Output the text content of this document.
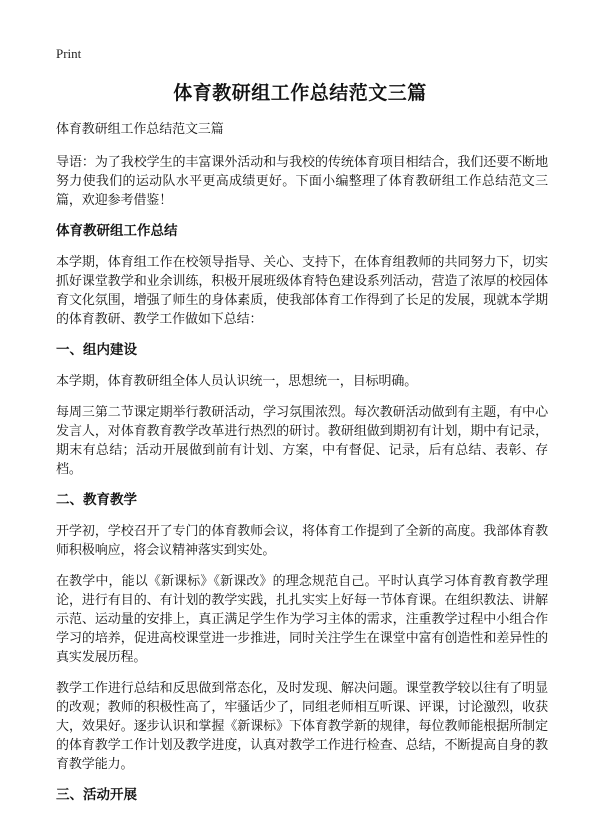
Print
体育教研组工作总结范文三篇

体育教研组工作总结范文三篇

导语：为了我校学生的丰富课外活动和与我校的传统体育项目相结合，我们还要不断地努力使我们的运动队水平更高成绩更好。下面小编整理了体育教研组工作总结范文三篇，欢迎参考借鉴！

体育教研组工作总结

本学期，体育组工作在校领导指导、关心、支持下，在体育组教师的共同努力下，切实抓好课堂教学和业余训练，积极开展班级体育特色建设系列活动，营造了浓厚的校园体育文化氛围，增强了师生的身体素质，使我部体育工作得到了长足的发展，现就本学期的体育教研、教学工作做如下总结：

一、组内建设

本学期，体育教研组全体人员认识统一，思想统一，目标明确。

每周三第二节课定期举行教研活动，学习氛围浓烈。每次教研活动做到有主题，有中心发言人，对体育教育教学改革进行热烈的研讨。教研组做到期初有计划，期中有记录，期末有总结；活动开展做到前有计划、方案，中有督促、记录，后有总结、表彰、存档。

二、教育教学

开学初，学校召开了专门的体育教师会议，将体育工作提到了全新的高度。我部体育教师积极响应，将会议精神落实到实处。

在教学中，能以《新课标》《新课改》的理念规范自己。平时认真学习体育教育教学理论，进行有目的、有计划的教学实践，扎扎实实上好每一节体育课。在组织教法、讲解示范、运动量的安排上，真正满足学生作为学习主体的需求，注重教学过程中小组合作学习的培养，促进高校课堂进一步推进，同时关注学生在课堂中富有创造性和差异性的真实发展历程。

教学工作进行总结和反思做到常态化，及时发现、解决问题。课堂教学较以往有了明显的改观；教师的积极性高了，牢骚话少了，同组老师相互听课、评课，讨论激烈，收获大，效果好。逐步认识和掌握《新课标》下体育教学新的规律，每位教师能根据所制定的体育教学工作计划及教学进度，认真对教学工作进行检查、总结，不断提高自身的教育教学能力。

三、活动开展
